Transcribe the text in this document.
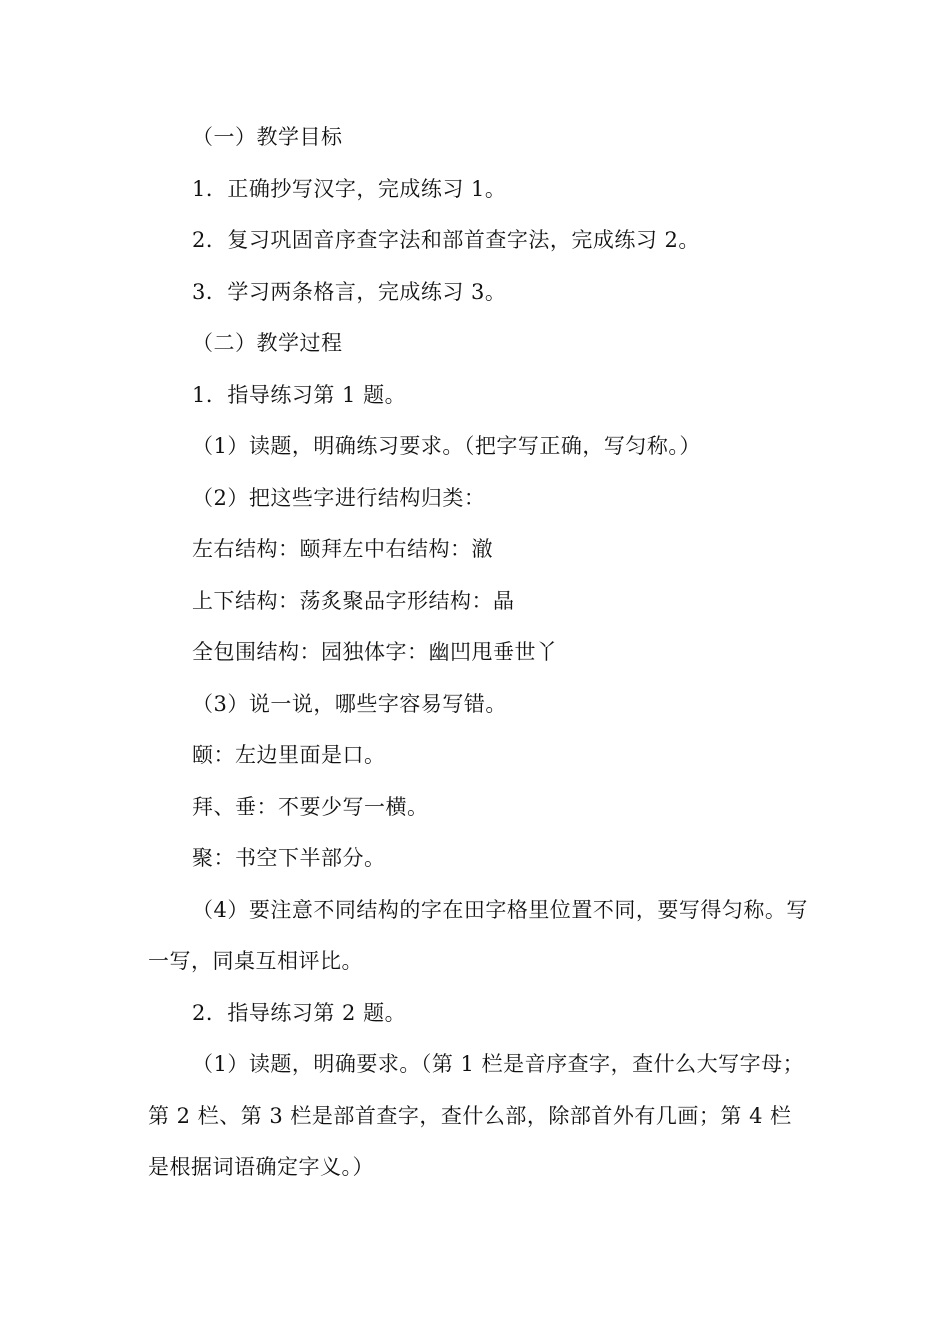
（一）教学目标

1．正确抄写汉字，完成练习 1。

2．复习巩固音序查字法和部首查字法，完成练习 2。

3．学习两条格言，完成练习 3。

（二）教学过程

1．指导练习第 1 题。

（1）读题，明确练习要求。（把字写正确，写匀称。）

（2）把这些字进行结构归类：

左右结构：颐拜左中右结构：澈

上下结构：荡炙聚品字形结构：晶

全包围结构：园独体字：幽凹甩垂世丫

（3）说一说，哪些字容易写错。

颐：左边里面是口。

拜、垂：不要少写一横。

聚：书空下半部分。

（4）要注意不同结构的字在田字格里位置不同，要写得匀称。写一写，同桌互相评比。

2．指导练习第 2 题。

（1）读题，明确要求。（第 1 栏是音序查字，查什么大写字母；第 2 栏、第 3 栏是部首查字，查什么部，除部首外有几画；第 4 栏是根据词语确定字义。）
